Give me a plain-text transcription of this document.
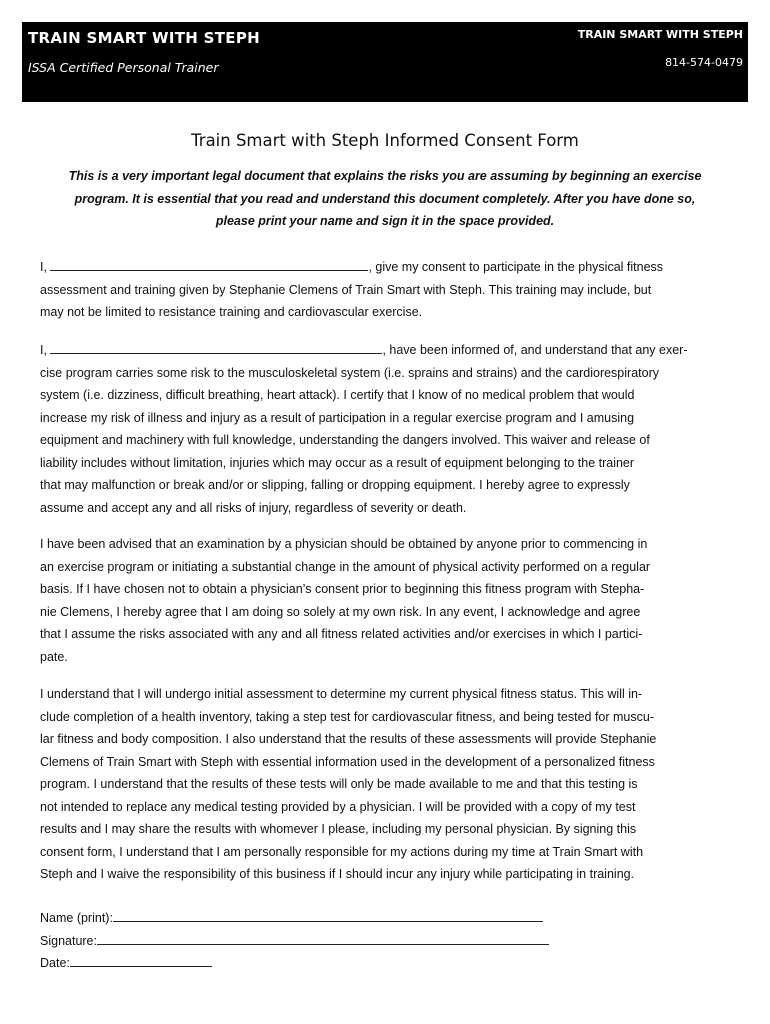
TRAIN SMART WITH STEPH
ISSA Certified Personal Trainer
TRAIN SMART WITH STEPH
814-574-0479
Train Smart with Steph Informed Consent Form
This is a very important legal document that explains the risks you are assuming by beginning an exercise
program. It is essential that you read and understand this document completely. After you have done so,
please print your name and sign it in the space provided.
I,	, give my consent to participate in the physical fitness
assessment and training given by Stephanie Clemens of Train Smart with Steph. This training may include, but
may not be limited to resistance training and cardiovascular exercise.
I,	, have been informed of, and understand that any exer-
cise program carries some risk to the musculoskeletal system (i.e. sprains and strains) and the cardiorespiratory
system (i.e. dizziness, difficult breathing, heart attack). I certify that I know of no medical problem that would
increase my risk of illness and injury as a result of participation in a regular exercise program and I amusing
equipment and machinery with full knowledge, understanding the dangers involved. This waiver and release of
liability includes without limitation, injuries which may occur as a result of equipment belonging to the trainer
that may malfunction or break and/or or slipping, falling or dropping equipment. I hereby agree to expressly
assume and accept any and all risks of injury, regardless of severity or death.
I have been advised that an examination by a physician should be obtained by anyone prior to commencing in
an exercise program or initiating a substantial change in the amount of physical activity performed on a regular
basis. If I have chosen not to obtain a physician’s consent prior to beginning this fitness program with Stepha-
nie Clemens, I hereby agree that I am doing so solely at my own risk. In any event, I acknowledge and agree
that I assume the risks associated with any and all fitness related activities and/or exercises in which I partici-
pate.
I understand that I will undergo initial assessment to determine my current physical fitness status. This will in-
clude completion of a health inventory, taking a step test for cardiovascular fitness, and being tested for muscu-
lar fitness and body composition. I also understand that the results of these assessments will provide Stephanie
Clemens of Train Smart with Steph with essential information used in the development of a personalized fitness
program. I understand that the results of these tests will only be made available to me and that this testing is
not intended to replace any medical testing provided by a physician. I will be provided with a copy of my test
results and I may share the results with whomever I please, including my personal physician. By signing this
consent form, I understand that I am personally responsible for my actions during my time at Train Smart with
Steph and I waive the responsibility of this business if I should incur any injury while participating in training.
Name (print):
Signature:
Date:
